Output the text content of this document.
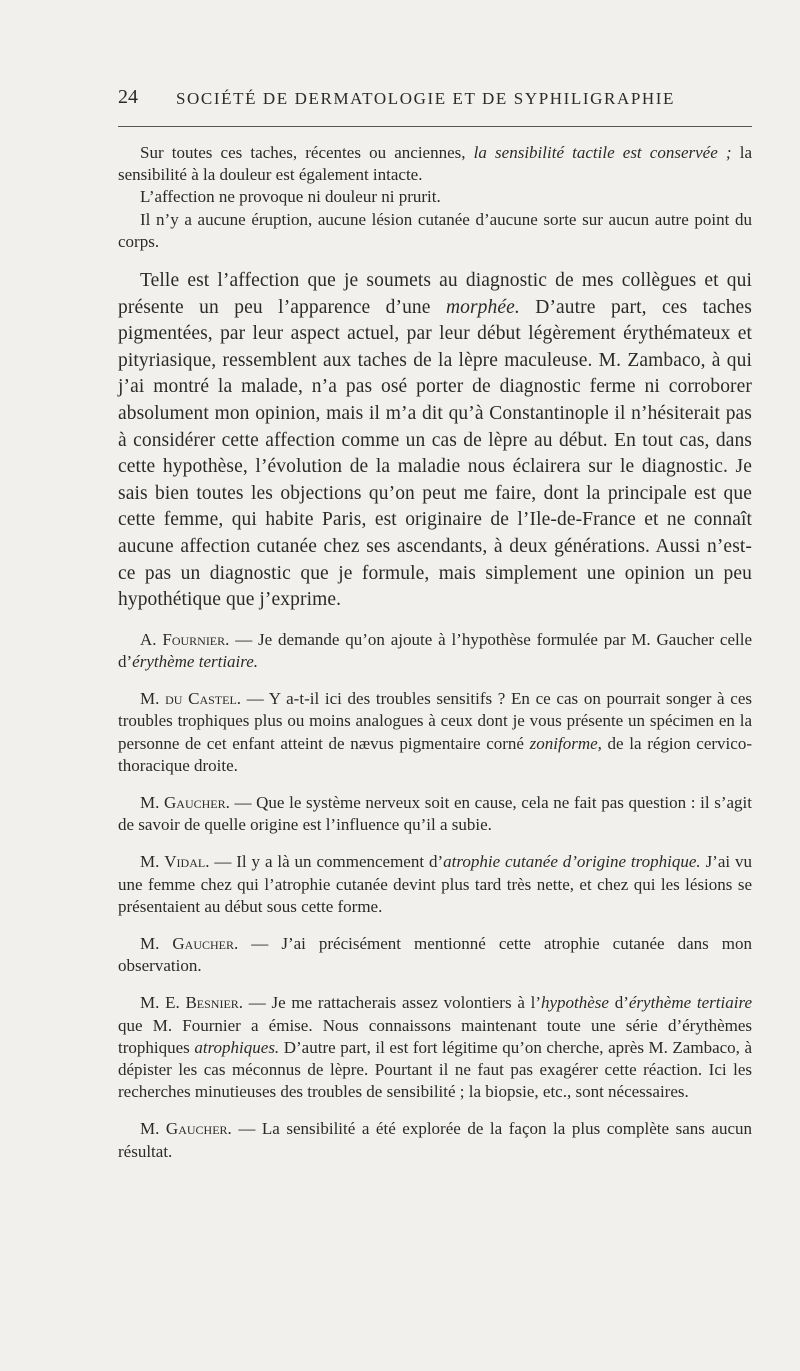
24 SOCIÉTÉ DE DERMATOLOGIE ET DE SYPHILIGRAPHIE

Sur toutes ces taches, récentes ou anciennes, la sensibilité tactile est conservée ; la sensibilité à la douleur est également intacte.

L’affection ne provoque ni douleur ni prurit.

Il n’y a aucune éruption, aucune lésion cutanée d’aucune sorte sur aucun autre point du corps.

Telle est l’affection que je soumets au diagnostic de mes collègues et qui présente un peu l’apparence d’une morphée. D’autre part, ces taches pigmentées, par leur aspect actuel, par leur début légèrement érythémateux et pityriasique, ressemblent aux taches de la lèpre maculeuse. M. Zambaco, à qui j’ai montré la malade, n’a pas osé porter de diagnostic ferme ni corroborer absolument mon opinion, mais il m’a dit qu’à Constantinople il n’hésiterait pas à considérer cette affection comme un cas de lèpre au début. En tout cas, dans cette hypothèse, l’évolution de la maladie nous éclairera sur le diagnostic. Je sais bien toutes les objections qu’on peut me faire, dont la principale est que cette femme, qui habite Paris, est originaire de l’Ile-de-France et ne connaît aucune affection cutanée chez ses ascendants, à deux générations. Aussi n’est-ce pas un diagnostic que je formule, mais simplement une opinion un peu hypothétique que j’exprime.

A. Fournier. — Je demande qu’on ajoute à l’hypothèse formulée par M. Gaucher celle d’érythème tertiaire.

M. du Castel. — Y a-t-il ici des troubles sensitifs ? En ce cas on pourrait songer à ces troubles trophiques plus ou moins analogues à ceux dont je vous présente un spécimen en la personne de cet enfant atteint de nævus pigmentaire corné zoniforme, de la région cervico-thoracique droite.

M. Gaucher. — Que le système nerveux soit en cause, cela ne fait pas question : il s’agit de savoir de quelle origine est l’influence qu’il a subie.

M. Vidal. — Il y a là un commencement d’atrophie cutanée d’origine trophique. J’ai vu une femme chez qui l’atrophie cutanée devint plus tard très nette, et chez qui les lésions se présentaient au début sous cette forme.

M. Gaucher. — J’ai précisément mentionné cette atrophie cutanée dans mon observation.

M. E. Besnier. — Je me rattacherais assez volontiers à l’hypothèse d’érythème tertiaire que M. Fournier a émise. Nous connaissons maintenant toute une série d’érythèmes trophiques atrophiques. D’autre part, il est fort légitime qu’on cherche, après M. Zambaco, à dépister les cas méconnus de lèpre. Pourtant il ne faut pas exagérer cette réaction. Ici les recherches minutieuses des troubles de sensibilité ; la biopsie, etc., sont nécessaires.

M. Gaucher. — La sensibilité a été explorée de la façon la plus complète sans aucun résultat.
